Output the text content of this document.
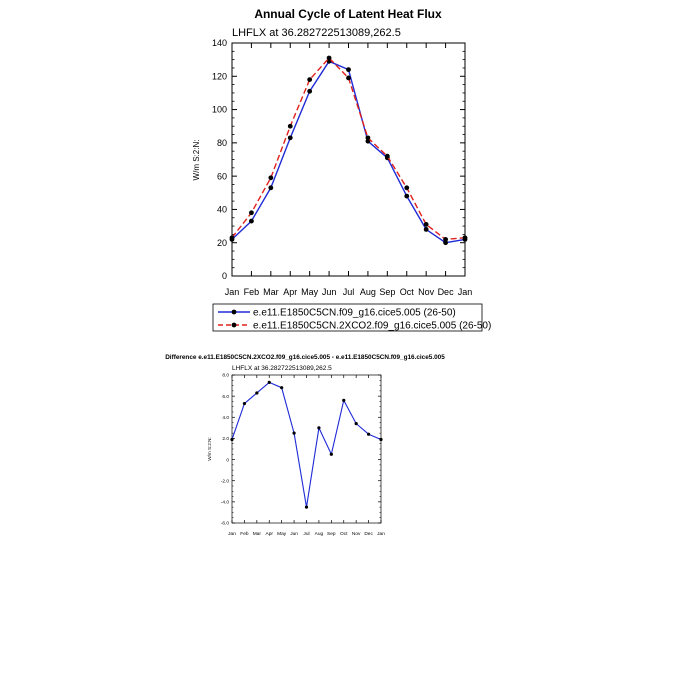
Annual Cycle of Latent Heat Flux
LHFLX at 36.282722513089,262.5
W/m S:2:N:
0
20
40
60
80
100
120
140
Jan Feb Mar Apr May Jun Jul Aug Sep Oct Nov Dec Jan
e.e11.E1850C5CN.f09_g16.cice5.005 (26-50)
e.e11.E1850C5CN.2XCO2.f09_g16.cice5.005 (26-50)
Difference e.e11.E1850C5CN.2XCO2.f09_g16.cice5.005 - e.e11.E1850C5CN.f09_g16.cice5.005
LHFLX at 36.282722513089,262.5
W/m S:2:N:
-6.0
-4.0
-2.0
0
2.0
4.0
6.0
8.0
Jan Feb Mar Apr May Jun Jul Aug Sep Oct Nov Dec Jan
